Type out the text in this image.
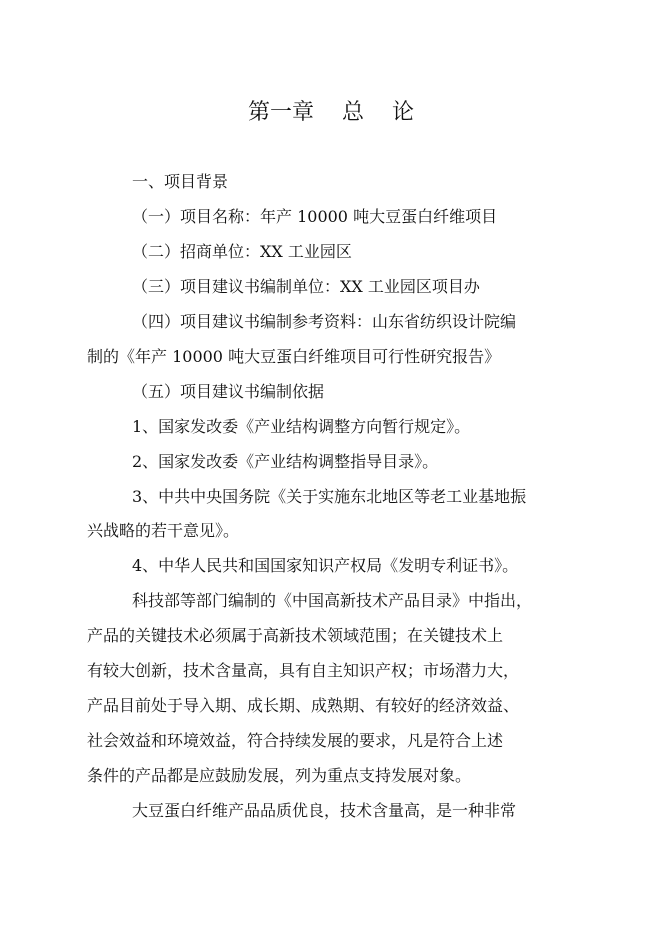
第一章    总    论
一、项目背景
（一）项目名称：年产 10000 吨大豆蛋白纤维项目
（二）招商单位：XX 工业园区
（三）项目建议书编制单位：XX 工业园区项目办
（四）项目建议书编制参考资料：山东省纺织设计院编
制的《年产 10000 吨大豆蛋白纤维项目可行性研究报告》
（五）项目建议书编制依据
1、国家发改委《产业结构调整方向暂行规定》。
2、国家发改委《产业结构调整指导目录》。
3、中共中央国务院《关于实施东北地区等老工业基地振
兴战略的若干意见》。
4、中华人民共和国国家知识产权局《发明专利证书》。
科技部等部门编制的《中国高新技术产品目录》中指出，
产品的关键技术必须属于高新技术领域范围；在关键技术上
有较大创新，技术含量高，具有自主知识产权；市场潜力大，
产品目前处于导入期、成长期、成熟期、有较好的经济效益、
社会效益和环境效益，符合持续发展的要求，凡是符合上述
条件的产品都是应鼓励发展，列为重点支持发展对象。
大豆蛋白纤维产品品质优良，技术含量高，是一种非常
